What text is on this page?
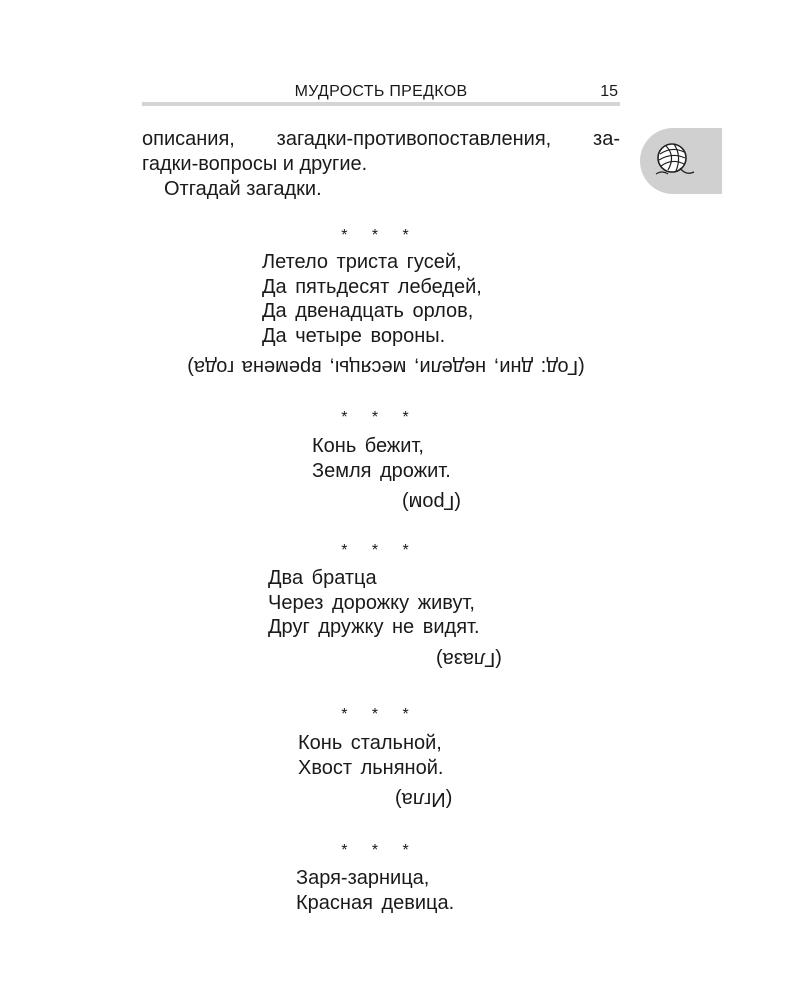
МУДРОСТЬ ПРЕДКОВ	15
описания, загадки-противопоставления, за-
гадки-вопросы и другие.
Отгадай загадки.
* * *
Летело триста гусей,
Да пятьдесят лебедей,
Да двенадцать орлов,
Да четыре вороны.
(Год: дни, недели, месяцы, времена года)
* * *
Конь бежит,
Земля дрожит.
(Гром)
* * *
Два братца
Через дорожку живут,
Друг дружку не видят.
(Глаза)
* * *
Конь стальной,
Хвост льняной.
(Игла)
* * *
Заря-зарница,
Красная девица.
